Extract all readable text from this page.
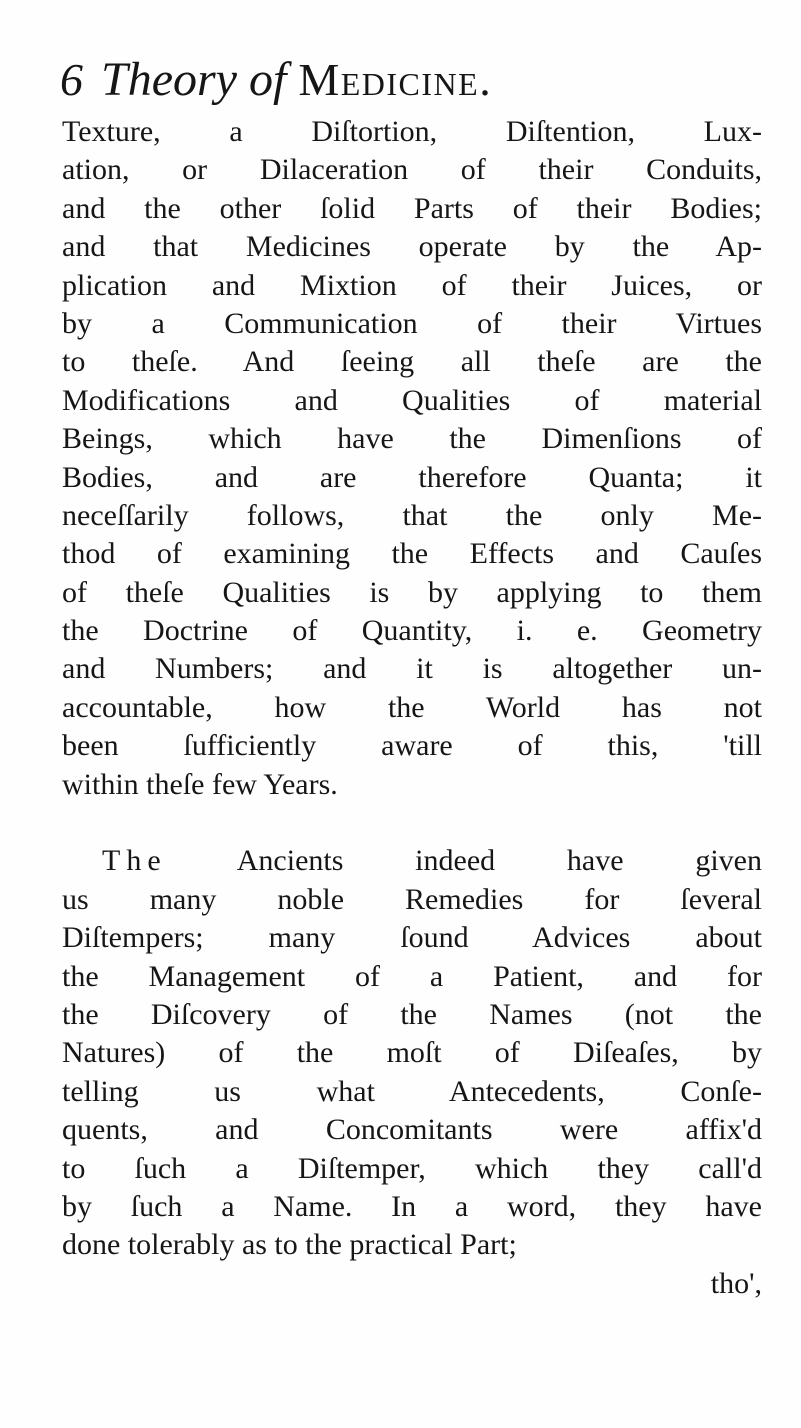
6 Theory of Medicine.
Texture, a Diſtortion, Diſtention, Lux-
ation, or Dilaceration of their Conduits,
and the other ſolid Parts of their Bodies;
and that Medicines operate by the Ap-
plication and Mixtion of their Juices, or
by a Communication of their Virtues
to theſe. And ſeeing all theſe are the
Modifications and Qualities of material
Beings, which have the Dimenſions of
Bodies, and are therefore Quanta; it
neceſſarily follows, that the only Me-
thod of examining the Effects and Cauſes
of theſe Qualities is by applying to them
the Doctrine of Quantity, i. e. Geometry
and Numbers; and it is altogether un-
accountable, how the World has not
been ſufficiently aware of this, 'till
within theſe few Years.
The Ancients indeed have given
us many noble Remedies for ſeveral
Diſtempers; many ſound Advices about
the Management of a Patient, and for
the Diſcovery of the Names (not the
Natures) of the moſt of Diſeaſes, by
telling us what Antecedents, Conſe-
quents, and Concomitants were affix'd
to ſuch a Diſtemper, which they call'd
by ſuch a Name. In a word, they have
done tolerably as to the practical Part;
tho',
